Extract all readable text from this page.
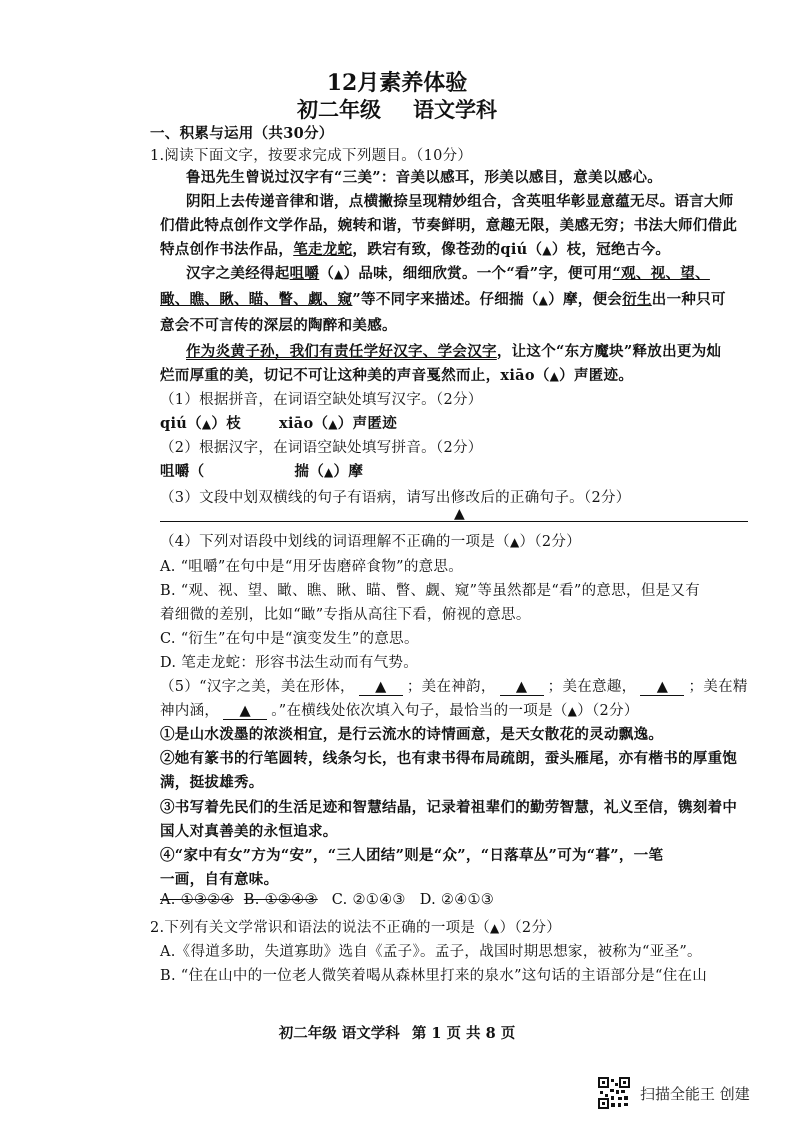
12月素养体验
初二年级 语文学科
一、积累与运用（共30分）
1.阅读下面文字，按要求完成下列题目。（10分）
鲁迅先生曾说过汉字有“三美”：音美以感耳，形美以感目，意美以感心。
阴阳上去传递音律和谐，点横撇捺呈现精妙组合，含英咀华彰显意蕴无尽。语言大师
们借此特点创作文学作品，婉转和谐，节奏鲜明，意趣无限，美感无穷；书法大师们借此
特点创作书法作品，笔走龙蛇，跌宕有致，像苍劲的qiú（▲）枝，冠绝古今。
汉字之美经得起咀嚼（▲）品味，细细欣赏。一个“看”字，便可用“观、视、望、
瞰、瞧、瞅、瞄、瞥、觑、窥”等不同字来描述。仔细揣（▲）摩，便会衍生出一种只可
意会不可言传的深层的陶醉和美感。
作为炎黄子孙，我们有责任学好汉字、学会汉字，让这个“东方魔块”释放出更为灿
烂而厚重的美，切记不可让这种美的声音戛然而止，xiāo（▲）声匿迹。
（1）根据拼音，在词语空缺处填写汉字。（2分）
qiú（▲）枝	xiāo（▲）声匿迹
（2）根据汉字，在词语空缺处填写拼音。（2分）
咀嚼（	揣（▲）摩
（3）文段中划双横线的句子有语病，请写出修改后的正确句子。（2分）
▲
（4）下列对语段中划线的词语理解不正确的一项是（▲）（2分）
A. “咀嚼”在句中是“用牙齿磨碎食物”的意思。
B. “观、视、望、瞰、瞧、瞅、瞄、瞥、觑、窥”等虽然都是“看”的意思，但是又有
着细微的差别，比如“瞰”专指从高往下看，俯视的意思。
C. “衍生”在句中是“演变发生”的意思。
D. 笔走龙蛇：形容书法生动而有气势。
（5）“汉字之美，美在形体， ▲ ；美在神韵， ▲ ；美在意趣， ▲ ；美在精
神内涵， ▲ 。”在横线处依次填入句子，最恰当的一项是（▲）（2分）
①是山水泼墨的浓淡相宜，是行云流水的诗情画意，是天女散花的灵动飘逸。
②她有篆书的行笔圆转，线条匀长，也有隶书得布局疏朗，蚕头雁尾，亦有楷书的厚重饱
满，挺拔雄秀。
③书写着先民们的生活足迹和智慧结晶，记录着祖辈们的勤劳智慧，礼义至信，镌刻着中
国人对真善美的永恒追求。
④“家中有女”方为“安”，“三人团结”则是“众”，“日落草丛”可为“暮”，一笔
一画，自有意味。
A. ①③②④ B. ①②④③ C. ②①④③ D. ②④①③
2.下列有关文学常识和语法的说法不正确的一项是（▲）（2分）
A.《得道多助，失道寡助》选自《孟子》。孟子，战国时期思想家，被称为“亚圣”。
B. “住在山中的一位老人微笑着喝从森林里打来的泉水”这句话的主语部分是“住在山
初二年级 语文学科 第 1 页 共 8 页
扫描全能王 创建
